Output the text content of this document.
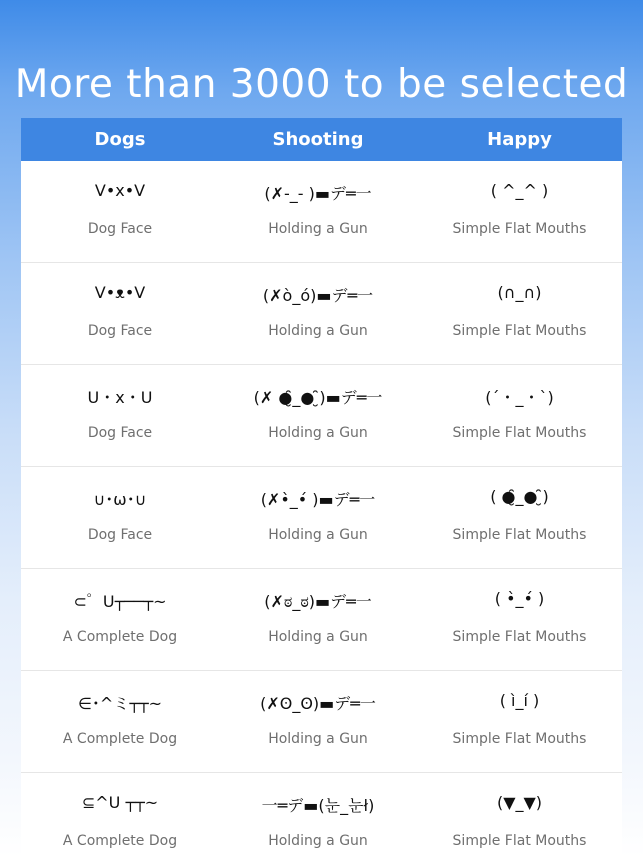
More than 3000 to be selected
Dogs	Shooting	Happy
V•x•V
Dog Face
(✗-_- )▬デ═一
Holding a Gun
( ^_^ )
Simple Flat Mouths
V•ᴥ•V
Dog Face
(✗ò_ó)▬デ═一
Holding a Gun
(∩_∩)
Simple Flat Mouths
U・x・U
Dog Face
(✗ ●̮̑_● ̮̑)▬デ═一
Holding a Gun
(´・_・`)
Simple Flat Mouths
∪･ω･∪
Dog Face
(✗•̀_•́ )▬デ═一
Holding a Gun
( ●̮̑_● ̮̑)
Simple Flat Mouths
⊂゜U┬──┬~
A Complete Dog
(✗ಠ_ಠ)▬デ═一
Holding a Gun
( •̀_•́ )
Simple Flat Mouths
∈･^ミ┬┬~
A Complete Dog
(✗ʘ_ʘ)▬デ═一
Holding a Gun
( ì_í )
Simple Flat Mouths
⊆^U ┬┬~
A Complete Dog
一═デ▬(눈_눈ł)
Holding a Gun
(▼_▼)
Simple Flat Mouths
